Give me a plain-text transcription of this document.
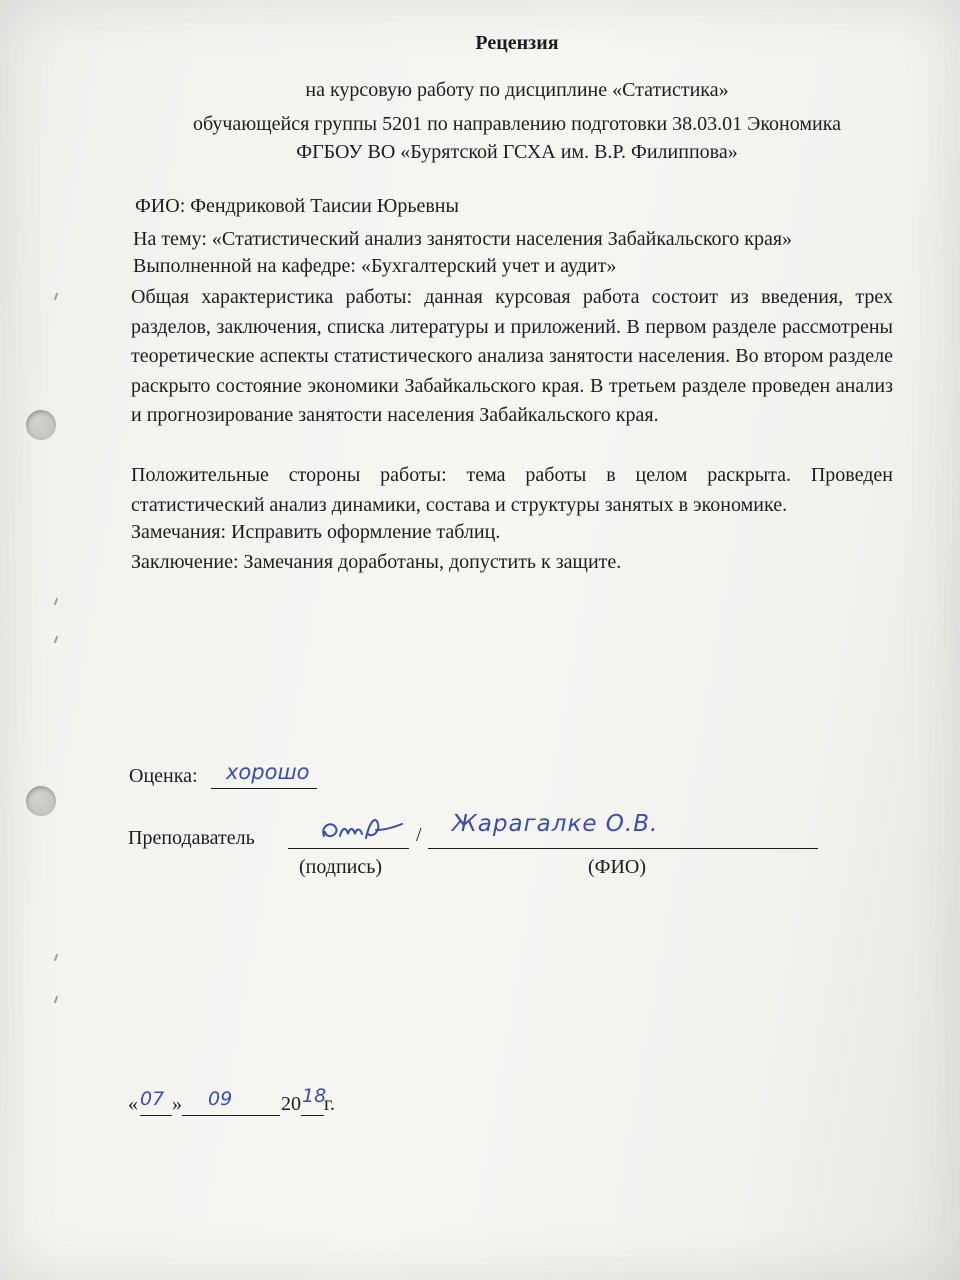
Рецензия
на курсовую работу по дисциплине «Статистика»
обучающейся группы 5201 по направлению подготовки 38.03.01 Экономика
ФГБОУ ВО «Бурятской ГСХА им. В.Р. Филиппова»
ФИО: Фендриковой Таисии Юрьевны
На тему: «Статистический анализ занятости населения Забайкальского края»
Выполненной на кафедре: «Бухгалтерский учет и аудит»
Общая характеристика работы: данная курсовая работа состоит из введения, трех разделов, заключения, списка литературы и приложений. В первом разделе рассмотрены теоретические аспекты статистического анализа занятости населения. Во втором разделе раскрыто состояние экономики Забайкальского края. В третьем разделе проведен анализ и прогнозирование занятости населения Забайкальского края.
Положительные стороны работы: тема работы в целом раскрыта. Проведен статистический анализ динамики, состава и структуры занятых в экономике.
Замечания: Исправить оформление таблиц.
Заключение: Замечания доработаны, допустить к защите.
Оценка: хорошо
Преподаватель	/ Жарагалке О.В.
(подпись)	(ФИО)
« 07 » 09 20 18
г.
